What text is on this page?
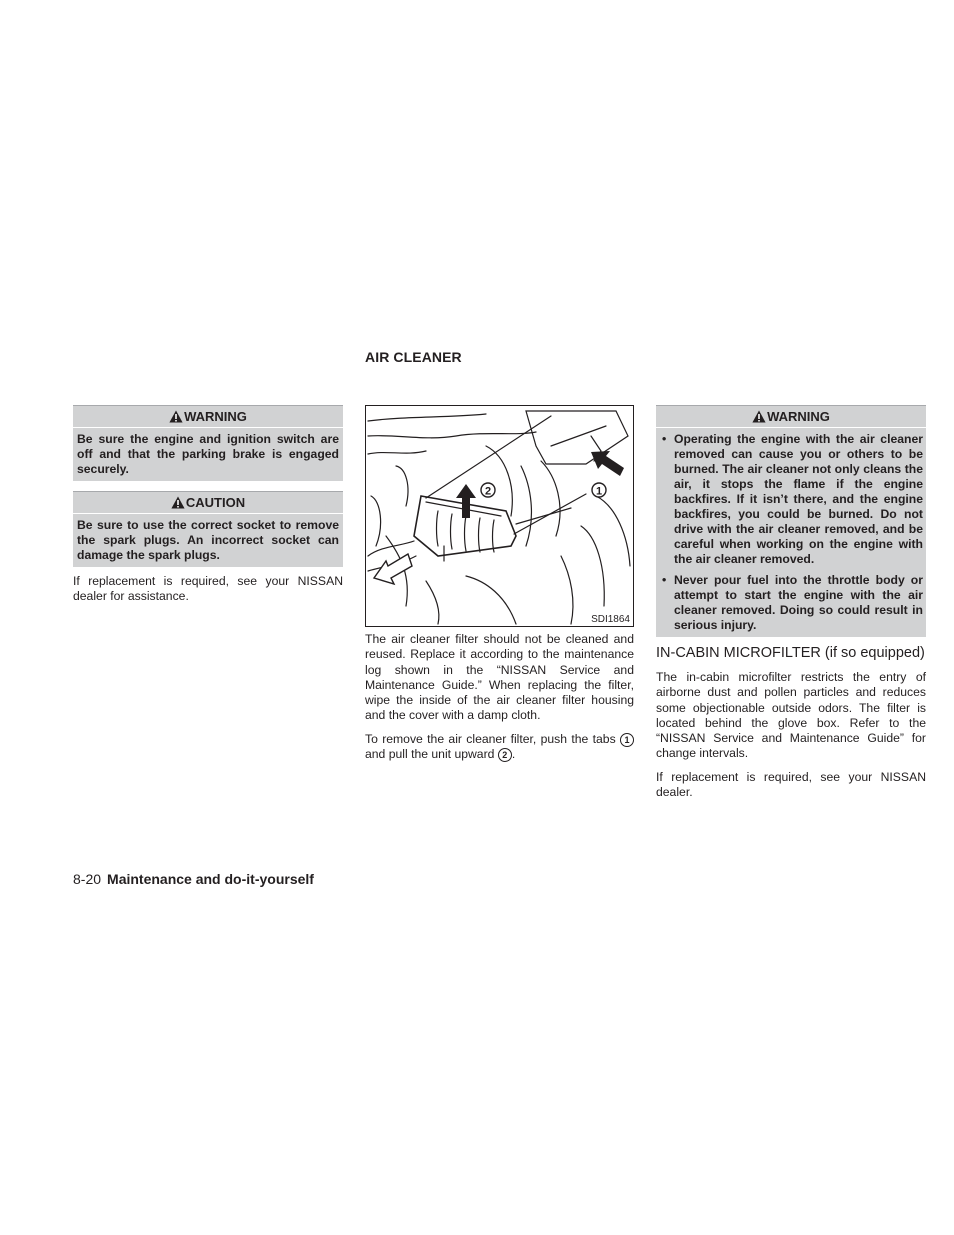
AIR CLEANER
WARNING
Be sure the engine and ignition switch are off and that the parking brake is engaged securely.
CAUTION
Be sure to use the correct socket to remove the spark plugs. An incorrect socket can damage the spark plugs.

If replacement is required, see your NISSAN dealer for assistance.

2	1
SDI1864

The air cleaner filter should not be cleaned and reused. Replace it according to the maintenance log shown in the “NISSAN Service and Maintenance Guide.” When replacing the filter, wipe the inside of the air cleaner filter housing and the cover with a damp cloth.

To remove the air cleaner filter, push the tabs 1 and pull the unit upward 2 .

WARNING
• Operating the engine with the air cleaner removed can cause you or others to be burned. The air cleaner not only cleans the air, it stops the flame if the engine backfires. If it isn’t there, and the engine backfires, you could be burned. Do not drive with the air cleaner removed, and be careful when working on the engine with the air cleaner removed.
• Never pour fuel into the throttle body or attempt to start the engine with the air cleaner removed. Doing so could result in serious injury.

IN-CABIN MICROFILTER (if so equipped)

The in-cabin microfilter restricts the entry of airborne dust and pollen particles and reduces some objectionable outside odors. The filter is located behind the glove box. Refer to the “NISSAN Service and Maintenance Guide” for change intervals.

If replacement is required, see your NISSAN dealer.

8-20 Maintenance and do-it-yourself
